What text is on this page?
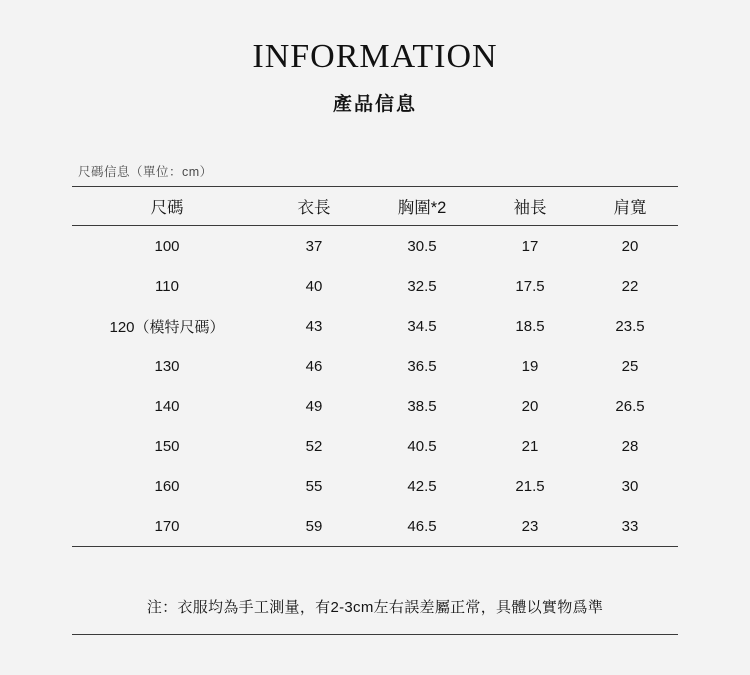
INFORMATION
產品信息
尺碼信息（單位：cm）
尺碼	衣長	胸圍*2	袖長	肩寬
100	37	30.5	17	20
110	40	32.5	17.5	22
120（模特尺碼）	43	34.5	18.5	23.5
130	46	36.5	19	25
140	49	38.5	20	26.5
150	52	40.5	21	28
160	55	42.5	21.5	30
170	59	46.5	23	33
注：衣服均為手工測量，有2-3cm左右誤差屬正常，具體以實物爲準
